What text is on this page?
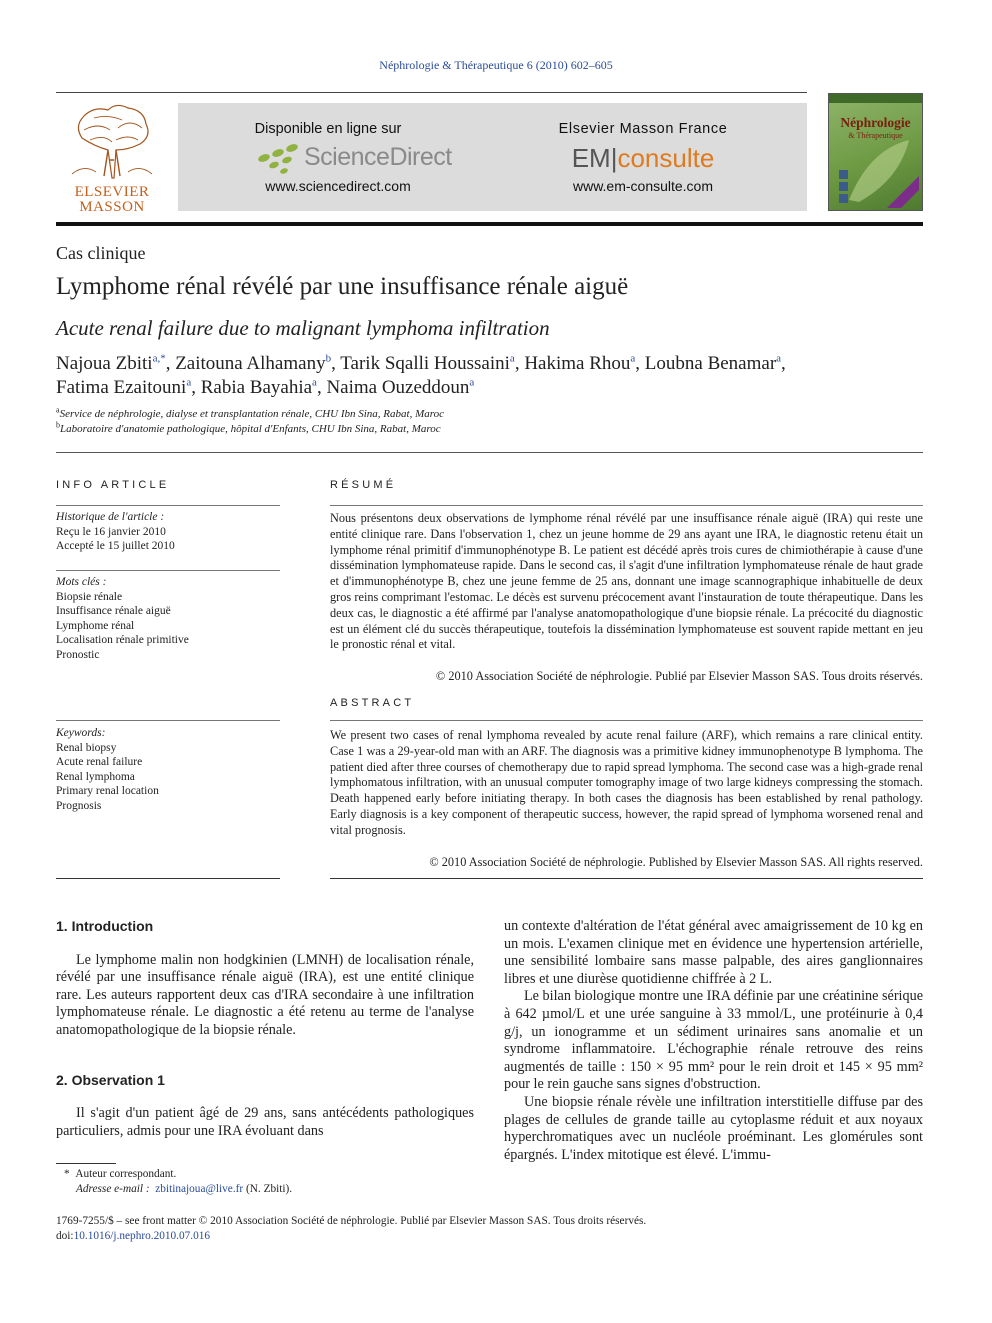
Néphrologie & Thérapeutique 6 (2010) 602–605
ELSEVIER MASSON
Disponible en ligne sur
ScienceDirect
www.sciencedirect.com
Elsevier Masson France
EM|consulte
www.em-consulte.com
Néphrologie
& Thérapeutique
Cas clinique
Lymphome rénal révélé par une insuffisance rénale aiguë
Acute renal failure due to malignant lymphoma infiltration
Najoua Zbiti$^{a,*}$, Zaitouna Alhamany$^b$, Tarik Sqalli Houssaini$^a$, Hakima Rhou$^a$, Loubna Benamar$^a$,
Fatima Ezaitouni$^a$, Rabia Bayahia$^a$, Naima Ouzeddoun$^a$
$^a$Service de néphrologie, dialyse et transplantation rénale, CHU Ibn Sina, Rabat, Maroc
$^b$Laboratoire d'anatomie pathologique, hôpital d'Enfants, CHU Ibn Sina, Rabat, Maroc
INFO ARTICLE
Historique de l'article :
Reçu le 16 janvier 2010
Accepté le 15 juillet 2010
Mots clés :
Biopsie rénale
Insuffisance rénale aiguë
Lymphome rénal
Localisation rénale primitive
Pronostic
Keywords:
Renal biopsy
Acute renal failure
Renal lymphoma
Primary renal location
Prognosis
RÉSUMÉ
Nous présentons deux observations de lymphome rénal révélé par une insuffisance rénale aiguë (IRA) qui reste une entité clinique rare. Dans l'observation 1, chez un jeune homme de 29 ans ayant une IRA, le diagnostic retenu était un lymphome rénal primitif d'immunophénotype B. Le patient est décédé après trois cures de chimiothérapie à cause d'une dissémination lymphomateuse rapide. Dans le second cas, il s'agit d'une infiltration lymphomateuse rénale de haut grade et d'immunophénotype B, chez une jeune femme de 25 ans, donnant une image scannographique inhabituelle de deux gros reins comprimant l'estomac. Le décès est survenu précocement avant l'instauration de toute thérapeutique. Dans les deux cas, le diagnostic a été affirmé par l'analyse anatomopathologique d'une biopsie rénale. La précocité du diagnostic est un élément clé du succès thérapeutique, toutefois la dissémination lymphomateuse est souvent rapide mettant en jeu le pronostic rénal et vital.
© 2010 Association Société de néphrologie. Publié par Elsevier Masson SAS. Tous droits réservés.
ABSTRACT
We present two cases of renal lymphoma revealed by acute renal failure (ARF), which remains a rare clinical entity. Case 1 was a 29-year-old man with an ARF. The diagnosis was a primitive kidney immunophenotype B lymphoma. The patient died after three courses of chemotherapy due to rapid spread lymphoma. The second case was a high-grade renal lymphomatous infiltration, with an unusual computer tomography image of two large kidneys compressing the stomach. Death happened early before initiating therapy. In both cases the diagnosis has been established by renal pathology. Early diagnosis is a key component of therapeutic success, however, the rapid spread of lymphoma worsened renal and vital prognosis.
© 2010 Association Société de néphrologie. Published by Elsevier Masson SAS. All rights reserved.
1. Introduction

Le lymphome malin non hodgkinien (LMNH) de localisation rénale, révélé par une insuffisance rénale aiguë (IRA), est une entité clinique rare. Les auteurs rapportent deux cas d'IRA secondaire à une infiltration lymphomateuse rénale. Le diagnostic a été retenu au terme de l'analyse anatomopathologique de la biopsie rénale.

2. Observation 1

Il s'agit d'un patient âgé de 29 ans, sans antécédents pathologiques particuliers, admis pour une IRA évoluant dans

un contexte d'altération de l'état général avec amaigrissement de 10 kg en un mois. L'examen clinique met en évidence une hypertension artérielle, une sensibilité lombaire sans masse palpable, des aires ganglionnaires libres et une diurèse quotidienne chiffrée à 2 L.

Le bilan biologique montre une IRA définie par une créatinine sérique à 642 µmol/L et une urée sanguine à 33 mmol/L, une protéinurie à 0,4 g/j, un ionogramme et un sédiment urinaires sans anomalie et un syndrome inflammatoire. L'échographie rénale retrouve des reins augmentés de taille : 150 × 95 mm² pour le rein droit et 145 × 95 mm² pour le rein gauche sans signes d'obstruction.

Une biopsie rénale révèle une infiltration interstitielle diffuse par des plages de cellules de grande taille au cytoplasme réduit et aux noyaux hyperchromatiques avec un nucléole proéminant. Les glomérules sont épargnés. L'index mitotique est élevé. L'immu-

* Auteur correspondant.
Adresse e-mail : zbitinajoua@live.fr (N. Zbiti).
1769-7255/$ – see front matter © 2010 Association Société de néphrologie. Publié par Elsevier Masson SAS. Tous droits réservés.
doi:10.1016/j.nephro.2010.07.016
